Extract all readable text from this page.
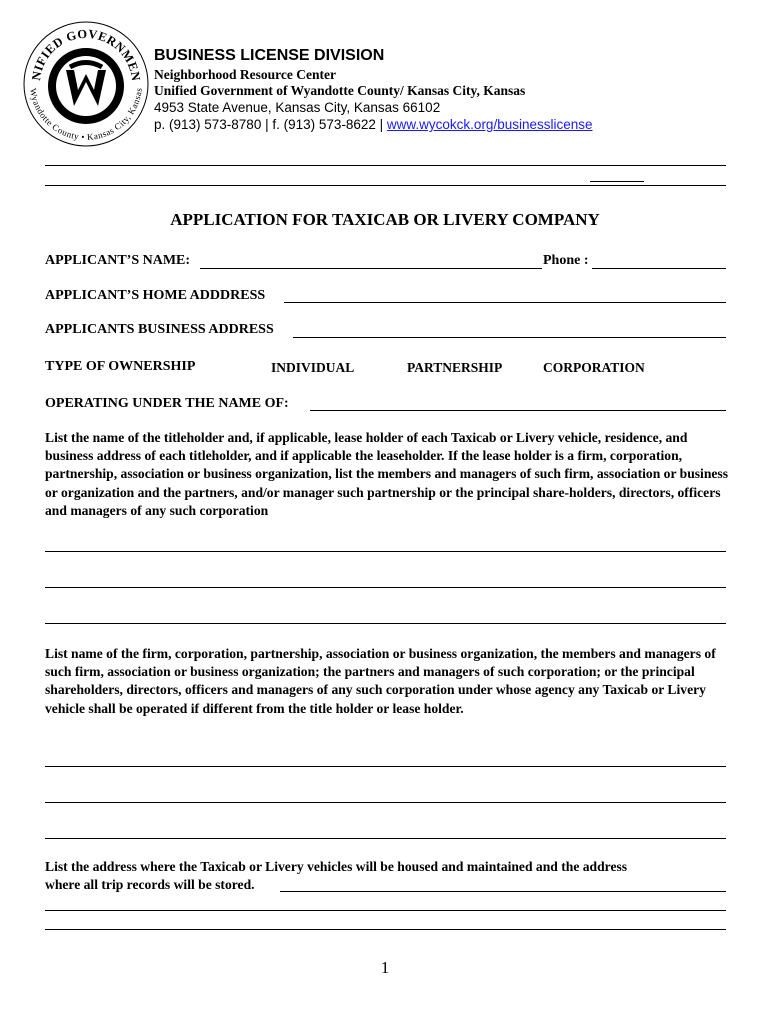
NIFIED GOVERNMEN
Wyandotte County • Kansas City, Kansas
BUSINESS LICENSE DIVISION
Neighborhood Resource Center
Unified Government of Wyandotte County/ Kansas City, Kansas
4953 State Avenue, Kansas City, Kansas 66102
p. (913) 573-8780 | f. (913) 573-8622 | www.wycokck.org/businesslicense
APPLICATION FOR TAXICAB OR LIVERY COMPANY
APPLICANT’S NAME:	Phone :
APPLICANT’S HOME ADDDRESS
APPLICANTS BUSINESS ADDRESS
TYPE OF OWNERSHIP	INDIVIDUAL	PARTNERSHIP	CORPORATION
OPERATING UNDER THE NAME OF:
List the name of the titleholder and, if applicable, lease holder of each Taxicab or Livery vehicle, residence, and business address of each titleholder, and if applicable the leaseholder. If the lease holder is a firm, corporation, partnership, association or business organization, list the members and managers of such firm, association or business or organization and the partners, and/or manager such partnership or the principal share-holders, directors, officers and managers of any such corporation
List name of the firm, corporation, partnership, association or business organization, the members and managers of such firm, association or business organization; the partners and managers of such corporation; or the principal shareholders, directors, officers and managers of any such corporation under whose agency any Taxicab or Livery vehicle shall be operated if different from the title holder or lease holder.
List the address where the Taxicab or Livery vehicles will be housed and maintained and the address
where all trip records will be stored.
1
